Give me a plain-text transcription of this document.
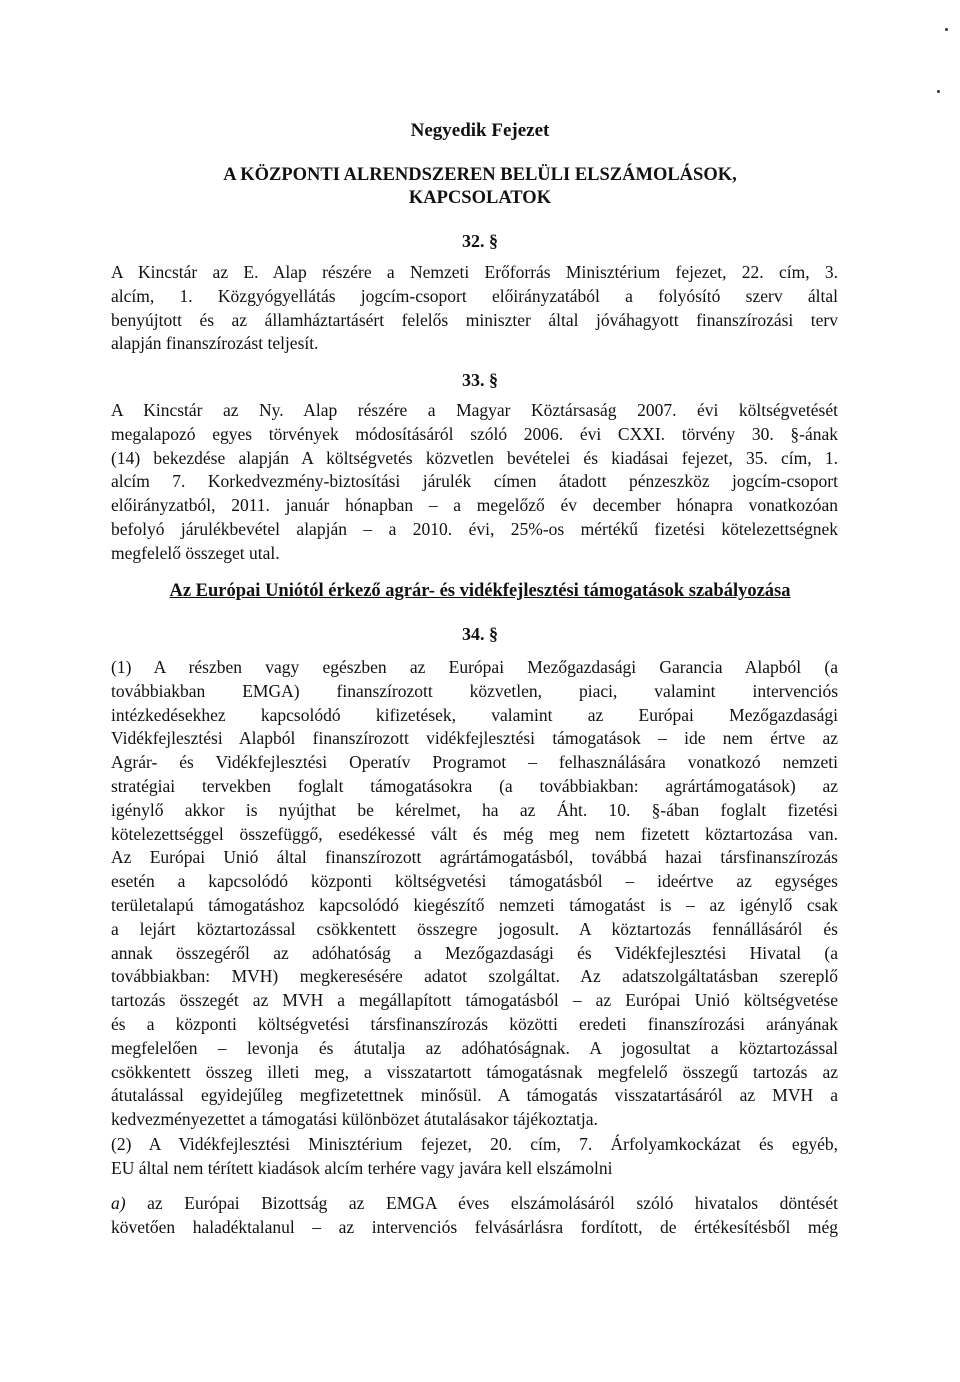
Negyedik Fejezet
A KÖZPONTI ALRENDSZEREN BELÜLI ELSZÁMOLÁSOK,
KAPCSOLATOK
32. §
A Kincstár az E. Alap részére a Nemzeti Erőforrás Minisztérium fejezet, 22. cím, 3.
alcím, 1. Közgyógyellátás jogcím-csoport előirányzatából a folyósító szerv által
benyújtott és az államháztartásért felelős miniszter által jóváhagyott finanszírozási terv
alapján finanszírozást teljesít.
33. §
A Kincstár az Ny. Alap részére a Magyar Köztársaság 2007. évi költségvetését
megalapozó egyes törvények módosításáról szóló 2006. évi CXXI. törvény 30. §-ának
(14) bekezdése alapján A költségvetés közvetlen bevételei és kiadásai fejezet, 35. cím, 1.
alcím 7. Korkedvezmény-biztosítási járulék címen átadott pénzeszköz jogcím-csoport
előirányzatból, 2011. január hónapban – a megelőző év december hónapra vonatkozóan
befolyó járulékbevétel alapján – a 2010. évi, 25%-os mértékű fizetési kötelezettségnek
megfelelő összeget utal.
Az Európai Uniótól érkező agrár- és vidékfejlesztési támogatások szabályozása
34. §
(1) A részben vagy egészben az Európai Mezőgazdasági Garancia Alapból (a
továbbiakban EMGA) finanszírozott közvetlen, piaci, valamint intervenciós
intézkedésekhez kapcsolódó kifizetések, valamint az Európai Mezőgazdasági
Vidékfejlesztési Alapból finanszírozott vidékfejlesztési támogatások – ide nem értve az
Agrár- és Vidékfejlesztési Operatív Programot – felhasználására vonatkozó nemzeti
stratégiai tervekben foglalt támogatásokra (a továbbiakban: agrártámogatások) az
igénylő akkor is nyújthat be kérelmet, ha az Áht. 10. §-ában foglalt fizetési
kötelezettséggel összefüggő, esedékessé vált és még meg nem fizetett köztartozása van.
Az Európai Unió által finanszírozott agrártámogatásból, továbbá hazai társfinanszírozás
esetén a kapcsolódó központi költségvetési támogatásból – ideértve az egységes
területalapú támogatáshoz kapcsolódó kiegészítő nemzeti támogatást is – az igénylő csak
a lejárt köztartozással csökkentett összegre jogosult. A köztartozás fennállásáról és
annak összegéről az adóhatóság a Mezőgazdasági és Vidékfejlesztési Hivatal (a
továbbiakban: MVH) megkeresésére adatot szolgáltat. Az adatszolgáltatásban szereplő
tartozás összegét az MVH a megállapított támogatásból – az Európai Unió költségvetése
és a központi költségvetési társfinanszírozás közötti eredeti finanszírozási arányának
megfelelően – levonja és átutalja az adóhatóságnak. A jogosultat a köztartozással
csökkentett összeg illeti meg, a visszatartott támogatásnak megfelelő összegű tartozás az
átutalással egyidejűleg megfizetettnek minősül. A támogatás visszatartásáról az MVH a
kedvezményezettet a támogatási különbözet átutalásakor tájékoztatja.
(2) A Vidékfejlesztési Minisztérium fejezet, 20. cím, 7. Árfolyamkockázat és egyéb,
EU által nem térített kiadások alcím terhére vagy javára kell elszámolni
a) az Európai Bizottság az EMGA éves elszámolásáról szóló hivatalos döntését
követően haladéktalanul – az intervenciós felvásárlásra fordított, de értékesítésből még
